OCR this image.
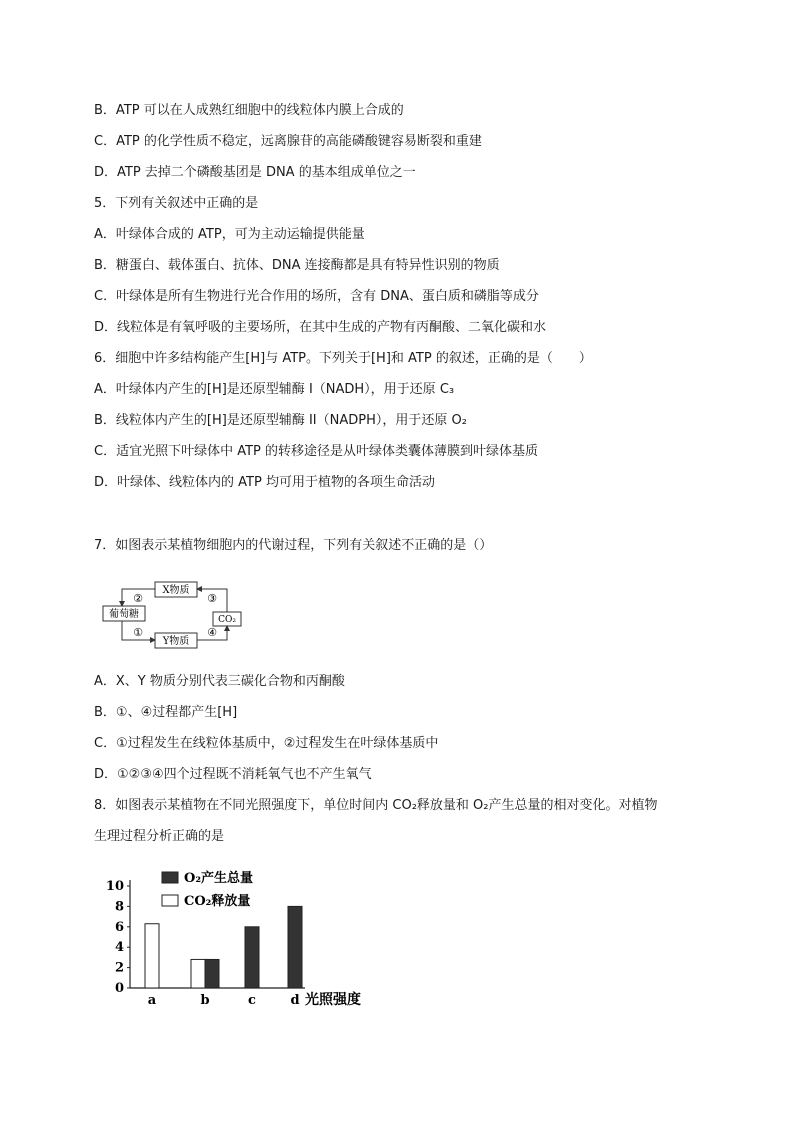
B．ATP 可以在人成熟红细胞中的线粒体内膜上合成的
C．ATP 的化学性质不稳定，远离腺苷的高能磷酸键容易断裂和重建
D．ATP 去掉二个磷酸基团是 DNA 的基本组成单位之一
5．下列有关叙述中正确的是
A．叶绿体合成的 ATP，可为主动运输提供能量
B．糖蛋白、载体蛋白、抗体、DNA 连接酶都是具有特异性识别的物质
C．叶绿体是所有生物进行光合作用的场所，含有 DNA、蛋白质和磷脂等成分
D．线粒体是有氧呼吸的主要场所，在其中生成的产物有丙酮酸、二氧化碳和水
6．细胞中许多结构能产生[H]与 ATP。下列关于[H]和 ATP 的叙述，正确的是（　　）
A．叶绿体内产生的[H]是还原型辅酶 I（NADH），用于还原 C₃
B．线粒体内产生的[H]是还原型辅酶 II（NADPH），用于还原 O₂
C．适宜光照下叶绿体中 ATP 的转移途径是从叶绿体类囊体薄膜到叶绿体基质
D．叶绿体、线粒体内的 ATP 均可用于植物的各项生命活动
7．如图表示某植物细胞内的代谢过程，下列有关叙述不正确的是（）
A．X、Y 物质分别代表三碳化合物和丙酮酸
B．①、④过程都产生[H]
C．①过程发生在线粒体基质中，②过程发生在叶绿体基质中
D．①②③④四个过程既不消耗氧气也不产生氧气
8．如图表示某植物在不同光照强度下，单位时间内 CO₂释放量和 O₂产生总量的相对变化。对植物
生理过程分析正确的是
葡萄糖
X物质
Y物质
CO₂
②	③
①	④
0
2
4
6
8
10
a	b	c	d 光照强度
O₂产生总量
CO₂释放量
